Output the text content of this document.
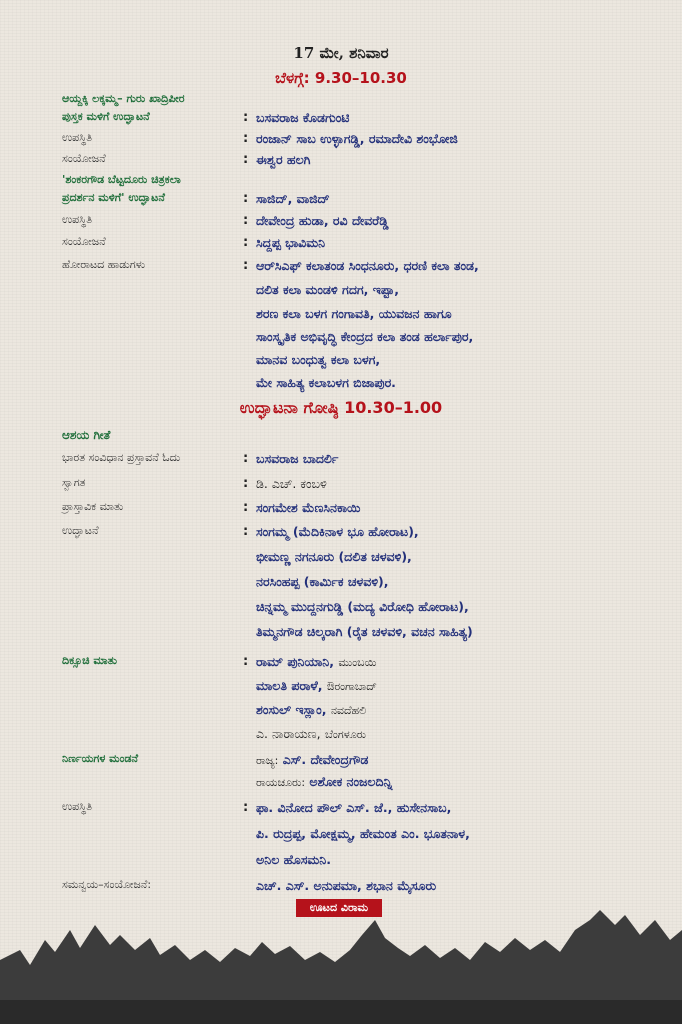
17 ಮೇ, ಶನಿವಾರ
ಬೆಳಗ್ಗೆ: 9.30–10.30
ಆಯ್ದಕ್ಕಿ ಲಕ್ಕಮ್ಮ– ಗುರು ಖಾದ್ರಿಪೀರ
ಪುಸ್ತಕ ಮಳಿಗೆ ಉದ್ಘಾಟನೆ	: ಬಸವರಾಜ ಕೊಡಗುಂಟಿ
ಉಪಸ್ಥಿತಿ	: ರಂಜಾನ್ ಸಾಬ ಉಳ್ಳಾಗಡ್ಡಿ, ರಮಾದೇವಿ ಶಂಭೋಜಿ
ಸಂಯೋಜನೆ	: ಈಶ್ವರ ಹಲಗಿ
'ಶಂಕರಗೌಡ ಬೆಟ್ಟದೂರು ಚಿತ್ರಕಲಾ
ಪ್ರದರ್ಶನ ಮಳಿಗೆ' ಉದ್ಘಾಟನೆ	: ಸಾಜಿದ್, ವಾಜಿದ್
ಉಪಸ್ಥಿತಿ	: ದೇವೇಂದ್ರ ಹುಡಾ, ರವಿ ದೇವರೆಡ್ಡಿ
ಸಂಯೋಜನೆ	: ಸಿದ್ದಪ್ಪ ಭಾವಿಮನಿ
ಹೋರಾಟದ ಹಾಡುಗಳು	: ಆರ್‌ಸಿಎಫ್ ಕಲಾತಂಡ ಸಿಂಧನೂರು, ಧರಣಿ ಕಲಾ ತಂಡ,
ದಲಿತ ಕಲಾ ಮಂಡಳಿ ಗದಗ, ಇಪ್ಟಾ,
ಶರಣ ಕಲಾ ಬಳಗ ಗಂಗಾವತಿ, ಯುವಜನ ಹಾಗೂ
ಸಾಂಸ್ಕೃತಿಕ ಅಭಿವೃದ್ಧಿ ಕೇಂದ್ರದ ಕಲಾ ತಂಡ ಹರ್ಲಾಪುರ,
ಮಾನವ ಬಂಧುತ್ವ ಕಲಾ ಬಳಗ,
ಮೇ ಸಾಹಿತ್ಯ ಕಲಾಬಳಗ ಬಿಜಾಪುರ.
ಉದ್ಘಾಟನಾ ಗೋಷ್ಠಿ 10.30–1.00
ಆಶಯ ಗೀತೆ
ಭಾರತ ಸಂವಿಧಾನ ಪ್ರಸ್ತಾವನೆ ಓದು	: ಬಸವರಾಜ ಬಾದರ್ಲಿ
ಸ್ವಾಗತ	: ಡಿ. ಎಚ್. ಕಂಬಳಿ
ಪ್ರಾಸ್ತಾವಿಕ ಮಾತು	: ಸಂಗಮೇಶ ಮೆಣಸಿನಕಾಯಿ
ಉದ್ಘಾಟನೆ	: ಸಂಗಮ್ಮ (ಮೆದಿಕಿನಾಳ ಭೂ ಹೋರಾಟ),
ಭೀಮಣ್ಣ ನಗನೂರು (ದಲಿತ ಚಳವಳಿ),
ನರಸಿಂಹಪ್ಪ (ಕಾರ್ಮಿಕ ಚಳವಳಿ),
ಚಿನ್ನಮ್ಮ ಮುದ್ದನಗುಡ್ಡಿ (ಮದ್ಯ ವಿರೋಧಿ ಹೋರಾಟ),
ತಿಮ್ಮನಗೌಡ ಚಿಲ್ಕರಾಗಿ (ರೈತ ಚಳವಳಿ, ವಚನ ಸಾಹಿತ್ಯ)
ದಿಕ್ಸೂಚಿ ಮಾತು	: ರಾಮ್ ಪುನಿಯಾನಿ, ಮುಂಬಯಿ
ಮಾಲತಿ ಪರಾಳೆ, ಔರಂಗಾಬಾದ್
ಶಂಸುಲ್ ಇಸ್ಲಾಂ, ನವದೆಹಲಿ
ಎ. ನಾರಾಯಣ, ಬೆಂಗಳೂರು
ನಿರ್ಣಯಗಳ ಮಂಡನೆ	ರಾಜ್ಯ: ಎಸ್. ದೇವೇಂದ್ರಗೌಡ
ರಾಯಚೂರು: ಅಶೋಕ ನಂಜಲದಿನ್ನಿ
ಉಪಸ್ಥಿತಿ	: ಫಾ. ವಿನೋದ ಪೌಲ್ ಎಸ್. ಜೆ., ಹುಸೇನಸಾಬ,
ಪಿ. ರುದ್ರಪ್ಪ, ಮೋಕ್ಷಮ್ಮ, ಹೇಮಂತ ಎಂ. ಭೂತನಾಳ,
ಅನಿಲ ಹೊಸಮನಿ.
ಸಮನ್ವಯ–ಸಂಯೋಜನೆ:	ಎಚ್. ಎಸ್. ಅನುಪಮಾ, ಶಭಾನ ಮೈಸೂರು
ಊಟದ ವಿರಾಮ
